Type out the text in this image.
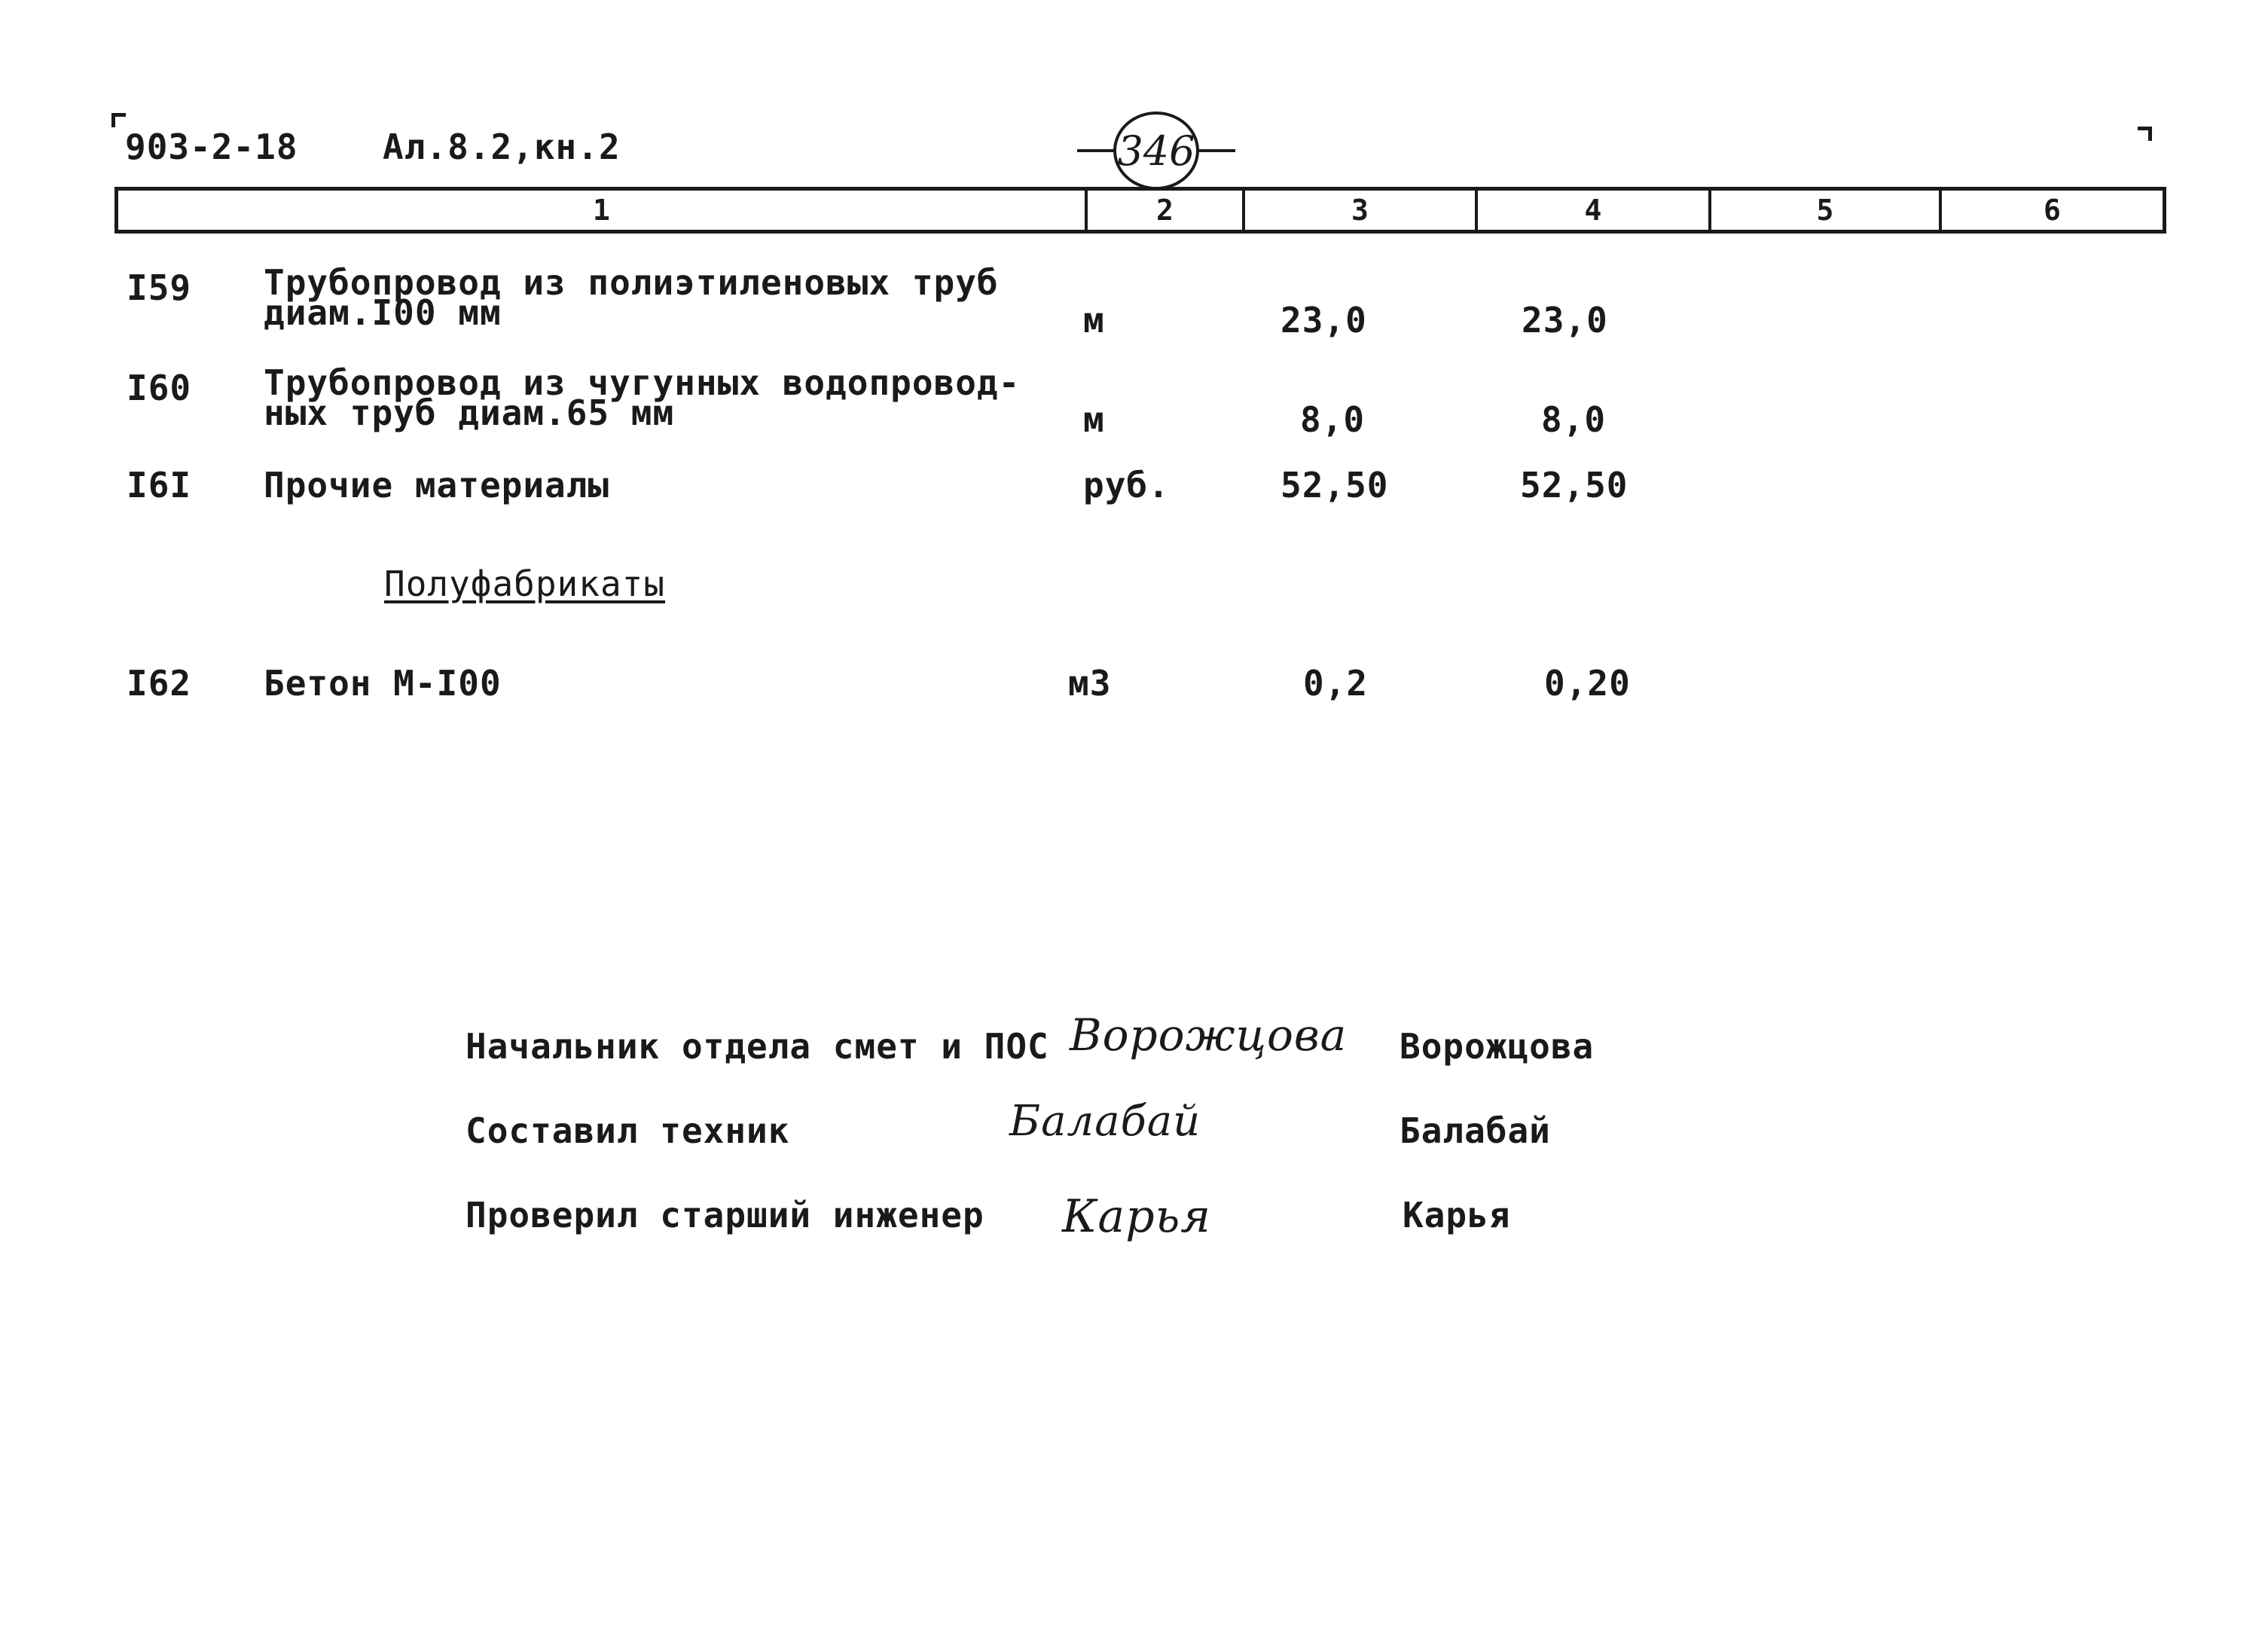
903-2-18 Ал.8.2,кн.2	346
1	2	3	4	5	6
I59 Трубопровод из полиэтиленовых труб
диам.I00 мм	м	23,0	23,0
I60 Трубопровод из чугунных водопровод-
ных труб диам.65 мм	м	8,0	8,0
I6I Прочие материалы	руб.	52,50	52,50
Полуфабрикаты
I62 Бетон М-I00	м3	0,2	0,20
Начальник отдела смет и ПОС Ворожцова Ворожцова
Составил техник	Балабай	Балабай
Проверил старший инженер Карья	Карья
